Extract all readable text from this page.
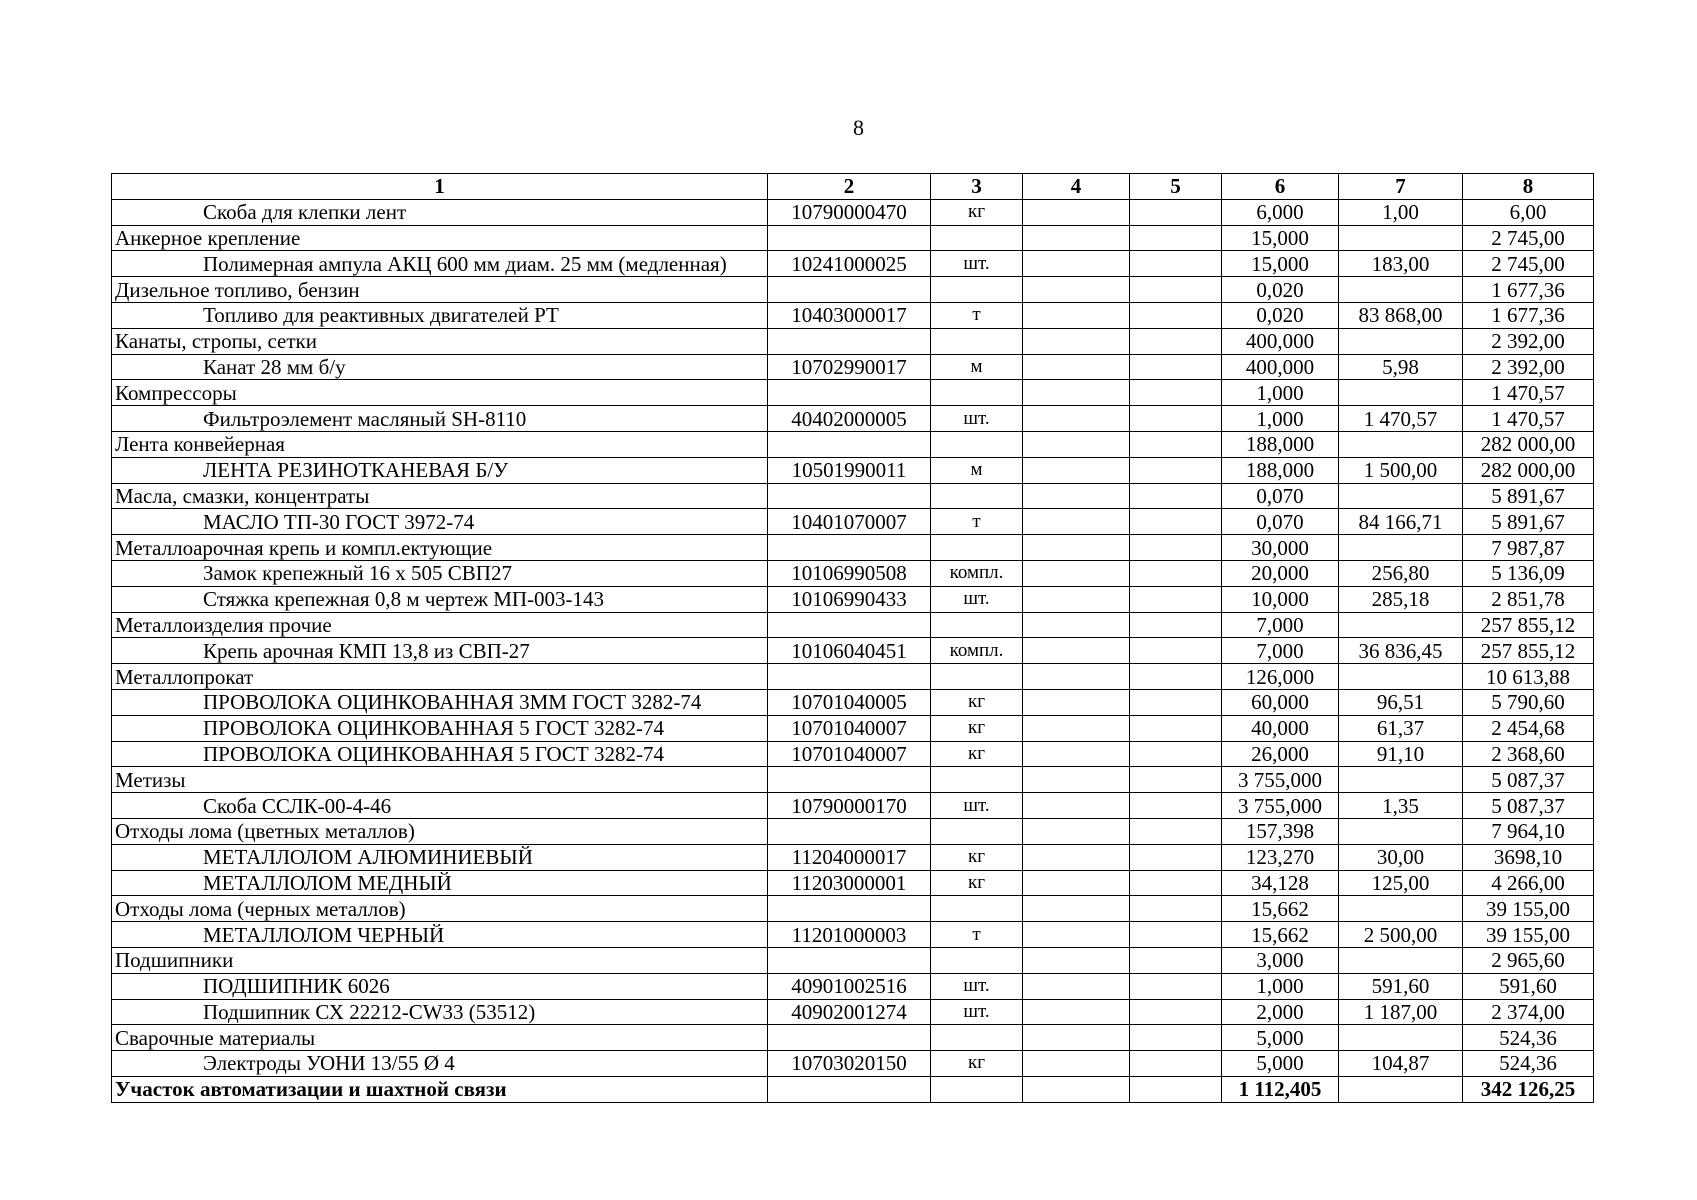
8
1	2	3	4	5	6	7	8
Скоба для клепки лент	10790000470	кг			6,000	1,00	6,00
Анкерное крепление					15,000		2 745,00
Полимерная ампула АКЦ 600 мм диам. 25 мм (медленная)	10241000025	шт.			15,000	183,00	2 745,00
Дизельное топливо, бензин					0,020		1 677,36
Топливо для реактивных двигателей РТ	10403000017	т			0,020	83 868,00	1 677,36
Канаты, стропы, сетки					400,000		2 392,00
Канат 28 мм б/у	10702990017	м			400,000	5,98	2 392,00
Компрессоры					1,000		1 470,57
Фильтроэлемент масляный SH-8110	40402000005	шт.			1,000	1 470,57	1 470,57
Лента конвейерная					188,000		282 000,00
ЛЕНТА РЕЗИНОТКАНЕВАЯ Б/У	10501990011	м			188,000	1 500,00	282 000,00
Масла, смазки, концентраты					0,070		5 891,67
МАСЛО ТП-30 ГОСТ 3972-74	10401070007	т			0,070	84 166,71	5 891,67
Металлоарочная крепь и компл.ектующие					30,000		7 987,87
Замок крепежный 16 х 505 СВП27	10106990508	компл.			20,000	256,80	5 136,09
Стяжка крепежная 0,8 м чертеж МП-003-143	10106990433	шт.			10,000	285,18	2 851,78
Металлоизделия прочие					7,000		257 855,12
Крепь арочная КМП 13,8 из СВП-27	10106040451	компл.			7,000	36 836,45	257 855,12
Металлопрокат					126,000		10 613,88
ПРОВОЛОКА ОЦИНКОВАННАЯ 3ММ ГОСТ 3282-74	10701040005	кг			60,000	96,51	5 790,60
ПРОВОЛОКА ОЦИНКОВАННАЯ 5 ГОСТ 3282-74	10701040007	кг			40,000	61,37	2 454,68
ПРОВОЛОКА ОЦИНКОВАННАЯ 5 ГОСТ 3282-74	10701040007	кг			26,000	91,10	2 368,60
Метизы					3 755,000		5 087,37
Скоба ССЛК-00-4-46	10790000170	шт.			3 755,000	1,35	5 087,37
Отходы лома (цветных металлов)					157,398		7 964,10
МЕТАЛЛОЛОМ АЛЮМИНИЕВЫЙ	11204000017	кг			123,270	30,00	3698,10
МЕТАЛЛОЛОМ МЕДНЫЙ	11203000001	кг			34,128	125,00	4 266,00
Отходы лома (черных металлов)					15,662		39 155,00
МЕТАЛЛОЛОМ ЧЕРНЫЙ	11201000003	т			15,662	2 500,00	39 155,00
Подшипники					3,000		2 965,60
ПОДШИПНИК 6026	40901002516	шт.			1,000	591,60	591,60
Подшипник СХ 22212-CW33 (53512)	40902001274	шт.			2,000	1 187,00	2 374,00
Сварочные материалы					5,000		524,36
Электроды УОНИ 13/55 Ø 4	10703020150	кг			5,000	104,87	524,36
Участок автоматизации и шахтной связи					1 112,405		342 126,25
